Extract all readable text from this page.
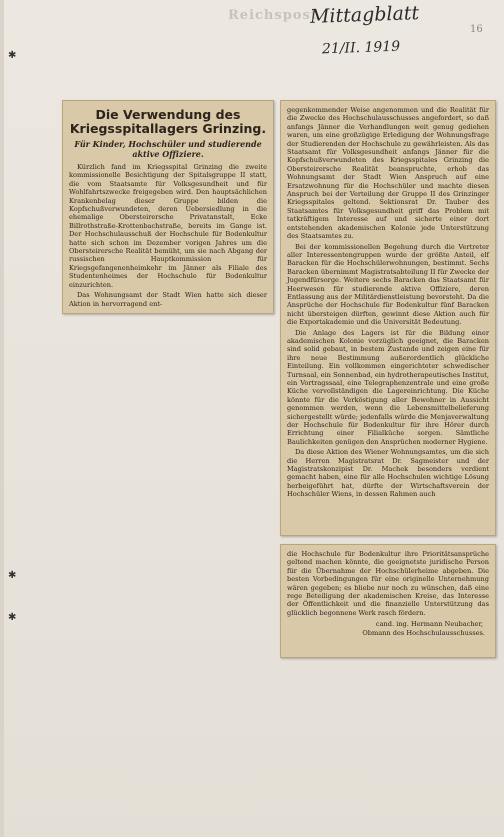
✱
✱
✱
Reichspost
Mittagblatt
21/II. 1919
16
Die Verwendung des Kriegsspitallagers Grinzing.
Für Kinder, Hochschüler und studierende aktive Offiziere.

Kürzlich fand im Kriegsspital Grinzing die zweite kommissionelle Besichtigung der Spitalsgruppe II statt, die vom Staatsamte für Volksgesundheit und für Wohlfahrtszwecke freigegeben wird. Den hauptsächlichen Krankenbelag dieser Gruppe bilden die Kopfschußverwundeten, deren Uebersiedlung in die ehemalige Obersteirersche Privatanstalt, Ecke Billrothstraße-Krottenbachstraße, bereits im Gange ist. Der Hochschulausschuß der Hochschule für Bodenkultur hatte sich schon im Dezember vorigen Jahres um die Obersteirersche Realität bemüht, um sie nach Abgang der russischen Hauptkommission für Kriegsgefangenenheimkehr im Jänner als Filiale des Studentenheimes der Hochschule für Bodenkultur einzurichten.

Das Wohnungsamt der Stadt Wien hatte sich dieser Aktion in hervorragend ent-

gegenkommender Weise angenommen und die Realität für die Zwecke des Hochschulausschusses angefordert, so daß anfangs Jänner die Verhandlungen weit genug gediehen waren, um eine großzügige Erledigung der Wohnungsfrage der Studierenden der Hochschule zu gewährleisten. Als das Staatsamt für Volksgesundheit anfangs Jänner für die Kopfschußverwundeten des Kriegsspitales Grinzing die Obersteirersche Realität beanspruchte, erhob das Wohnungsamt der Stadt Wien Anspruch auf eine Ersatzwohnung für die Hochschüler und machte diesen Anspruch bei der Verteilung der Gruppe II des Grinzinger Kriegsspitales geltend. Sektionsrat Dr. Tauber des Staatsamtes für Volksgesundheit griff das Problem mit tatkräftigem Interesse auf und sicherte einer dort entstehenden akademischen Kolonie jede Unterstützung des Staatsamtes zu.

Bei der kommissionellen Begehung durch die Vertreter aller Interessentengruppen wurde der größte Anteil, elf Baracken für die Hochschülerwohnungen, bestimmt. Sechs Baracken übernimmt Magistratsabteilung II für Zwecke der Jugendfürsorge. Weitere sechs Baracken das Staatsamt für Heerwesen für studierende aktive Offiziere, deren Entlassung aus der Militärdienstleistung bevorsteht. Da die Ansprüche der Hochschule für Bodenkultur fünf Baracken nicht übersteigen dürften, gewinnt diese Aktion auch für die Exportakademie und die Universität Bedeutung.

Die Anlage des Lagers ist für die Bildung einer akademischen Kolonie vorzüglich geeignet, die Baracken sind solid gebaut, in bestem Zustande und zeigen eine für ihre neue Bestimmung außerordentlich glückliche Einteilung. Ein vollkommen eingerichteter schwedischer Turnsaal, ein Sonnenbad, ein hydrotherapeutisches Institut, ein Vortragssaal, eine Telegraphenzentrale und eine große Küche vervollständigen die Lagereinrichtung. Die Küche könnte für die Verköstigung aller Bewohner in Aussicht genommen werden, wenn die Lebensmittelbelieferung sichergestellt würde; jedenfalls würde die Menjaverwaltung der Hochschule für Bodenkultur für ihre Hörer durch Errichtung einer Filialküche sorgen. Sämtliche Baulichkeiten genügen den Ansprüchen moderner Hygiene.

Da diese Aktion des Wiener Wohnungsamtes, um die sich die Herren Magistratsrat Dr. Sagmeister und der Magistratskonzipist Dr. Machek besonders verdient gemacht haben, eine für alle Hochschulen wichtige Lösung herbeigeführt hat, dürfte der Wirtschaftsverein der Hochschüler Wiens, in dessen Rahmen auch

die Hochschule für Bodenkultur ihre Prioritätsansprüche geltend machen könnte, die geeignetste juridische Person für die Übernahme der Hochschülerheime abgeben. Die besten Vorbedingungen für eine originelle Unternehmung wären gegeben; es bliebe nur noch zu wünschen, daß eine rege Beteiligung der akademischen Kreise, das Interesse der Öffentlichkeit und die finanzielle Unterstützung das glücklich begonnene Werk rasch fördern.

cand. ing. Hermann Neubacher,

Obmann des Hochschulausschusses.
